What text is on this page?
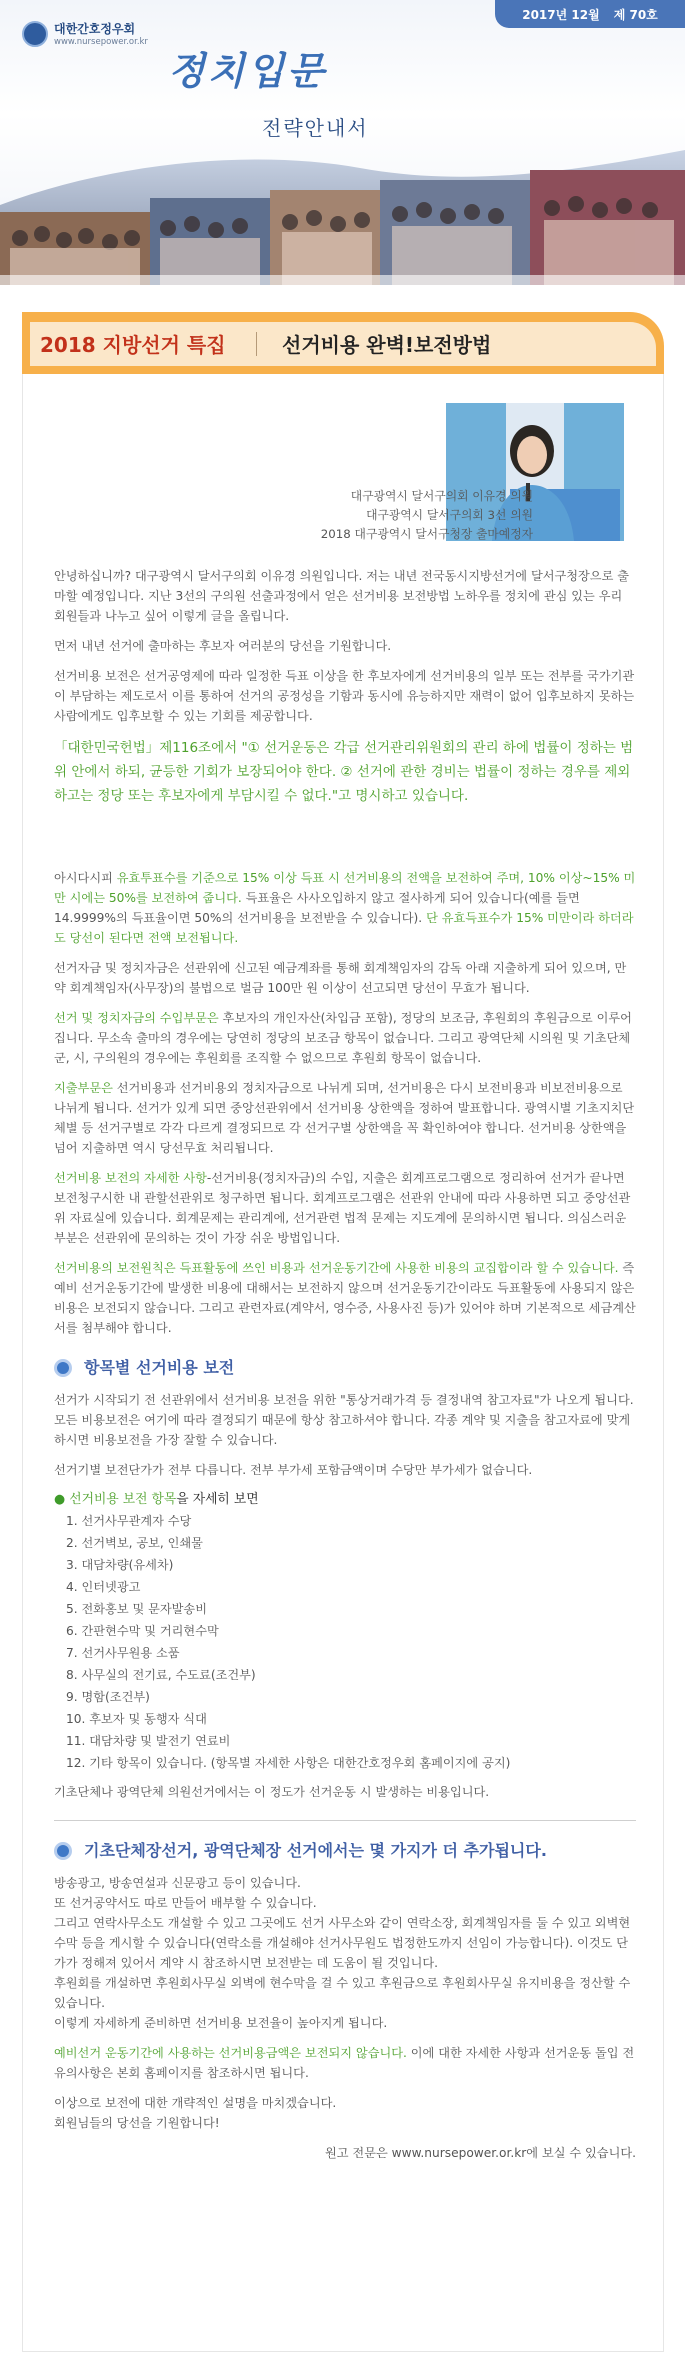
대한간호정우회
www.nursepower.or.kr
2017년 12월 제 70호
정치입문
전략안내서
2018 지방선거 특집	선거비용 완벽!보전방법
대구광역시 달서구의회 이유경 의원
대구광역시 달서구의회 3선 의원
2018 대구광역시 달서구청장 출마예정자

안녕하십니까? 대구광역시 달서구의회 이유경 의원입니다. 저는 내년 전국동시지방선거에 달서구청장으로 출마할 예정입니다. 지난 3선의 구의원 선출과정에서 얻은 선거비용 보전방법 노하우를 정치에 관심 있는 우리 회원들과 나누고 싶어 이렇게 글을 올립니다.

먼저 내년 선거에 출마하는 후보자 여러분의 당선을 기원합니다.

선거비용 보전은 선거공영제에 따라 일정한 득표 이상을 한 후보자에게 선거비용의 일부 또는 전부를 국가기관이 부담하는 제도로서 이를 통하여 선거의 공정성을 기함과 동시에 유능하지만 재력이 없어 입후보하지 못하는 사람에게도 입후보할 수 있는 기회를 제공합니다.

「대한민국헌법」제116조에서 "① 선거운동은 각급 선거관리위원회의 관리 하에 법률이 정하는 범위 안에서 하되, 균등한 기회가 보장되어야 한다. ② 선거에 관한 경비는 법률이 정하는 경우를 제외하고는 정당 또는 후보자에게 부담시킬 수 없다."고 명시하고 있습니다.

아시다시피 유효투표수를 기준으로 15% 이상 득표 시 선거비용의 전액을 보전하여 주며, 10% 이상~15% 미만 시에는 50%를 보전하여 줍니다. 득표율은 사사오입하지 않고 절사하게 되어 있습니다(예를 들면 14.9999%의 득표율이면 50%의 선거비용을 보전받을 수 있습니다). 단 유효득표수가 15% 미만이라 하더라도 당선이 된다면 전액 보전됩니다.

선거자금 및 정치자금은 선관위에 신고된 예금계좌를 통해 회계책임자의 감독 아래 지출하게 되어 있으며, 만약 회계책임자(사무장)의 불법으로 벌금 100만 원 이상이 선고되면 당선이 무효가 됩니다.

선거 및 정치자금의 수입부문은 후보자의 개인자산(차입금 포함), 정당의 보조금, 후원회의 후원금으로 이루어집니다. 무소속 출마의 경우에는 당연히 정당의 보조금 항목이 없습니다. 그리고 광역단체 시의원 및 기초단체 군, 시, 구의원의 경우에는 후원회를 조직할 수 없으므로 후원회 항목이 없습니다.

지출부문은 선거비용과 선거비용외 정치자금으로 나뉘게 되며, 선거비용은 다시 보전비용과 비보전비용으로 나뉘게 됩니다. 선거가 있게 되면 중앙선관위에서 선거비용 상한액을 정하여 발표합니다. 광역시별 기초지치단체별 등 선거구별로 각각 다르게 결정되므로 각 선거구별 상한액을 꼭 확인하여야 합니다. 선거비용 상한액을 넘어 지출하면 역시 당선무효 처리됩니다.

선거비용 보전의 자세한 사항-선거비용(정치자금)의 수입, 지출은 회계프로그램으로 정리하여 선거가 끝나면 보전청구시한 내 관할선관위로 청구하면 됩니다. 회계프로그램은 선관위 안내에 따라 사용하면 되고 중앙선관위 자료실에 있습니다. 회계문제는 관리계에, 선거관련 법적 문제는 지도계에 문의하시면 됩니다. 의심스러운 부분은 선관위에 문의하는 것이 가장 쉬운 방법입니다.

선거비용의 보전원칙은 득표활동에 쓰인 비용과 선거운동기간에 사용한 비용의 교집합이라 할 수 있습니다. 즉 예비 선거운동기간에 발생한 비용에 대해서는 보전하지 않으며 선거운동기간이라도 득표활동에 사용되지 않은 비용은 보전되지 않습니다. 그리고 관련자료(계약서, 영수증, 사용사진 등)가 있어야 하며 기본적으로 세금계산서를 첨부해야 합니다.

항목별 선거비용 보전

선거가 시작되기 전 선관위에서 선거비용 보전을 위한 "통상거래가격 등 결정내역 참고자료"가 나오게 됩니다. 모든 비용보전은 여기에 따라 결정되기 때문에 항상 참고하셔야 합니다. 각종 계약 및 지출을 참고자료에 맞게 하시면 비용보전을 가장 잘할 수 있습니다.

선거기별 보전단가가 전부 다릅니다. 전부 부가세 포함금액이며 수당만 부가세가 없습니다.

● 선거비용 보전 항목을 자세히 보면
1. 선거사무관계자 수당
2. 선거벽보, 공보, 인쇄물
3. 대담차량(유세차)
4. 인터넷광고
5. 전화홍보 및 문자발송비
6. 간판현수막 및 거리현수막
7. 선거사무원용 소품
8. 사무실의 전기료, 수도료(조건부)
9. 명함(조건부)
10. 후보자 및 동행자 식대
11. 대담차량 및 발전기 연료비
12. 기타 항목이 있습니다. (항목별 자세한 사항은 대한간호정우회 홈페이지에 공지)

기초단체나 광역단체 의원선거에서는 이 정도가 선거운동 시 발생하는 비용입니다.

기초단체장선거, 광역단체장 선거에서는 몇 가지가 더 추가됩니다.
방송광고, 방송연설과 신문광고 등이 있습니다.
또 선거공약서도 따로 만들어 배부할 수 있습니다.
그리고 연락사무소도 개설할 수 있고 그곳에도 선거 사무소와 같이 연락소장, 회계책임자를 둘 수 있고 외벽현수막 등을 게시할 수 있습니다(연락소를 개설해야 선거사무원도 법정한도까지 선임이 가능합니다). 이것도 단가가 정해져 있어서 계약 시 참조하시면 보전받는 데 도움이 될 것입니다.
후원회를 개설하면 후원회사무실 외벽에 현수막을 걸 수 있고 후원금으로 후원회사무실 유지비용을 정산할 수 있습니다.
이렇게 자세하게 준비하면 선거비용 보전율이 높아지게 됩니다.

예비선거 운동기간에 사용하는 선거비용금액은 보전되지 않습니다. 이에 대한 자세한 사항과 선거운동 돌입 전 유의사항은 본회 홈페이지를 참조하시면 됩니다.

이상으로 보전에 대한 개략적인 설명을 마치겠습니다.
회원님들의 당선을 기원합니다!
원고 전문은 www.nursepower.or.kr에 보실 수 있습니다.
